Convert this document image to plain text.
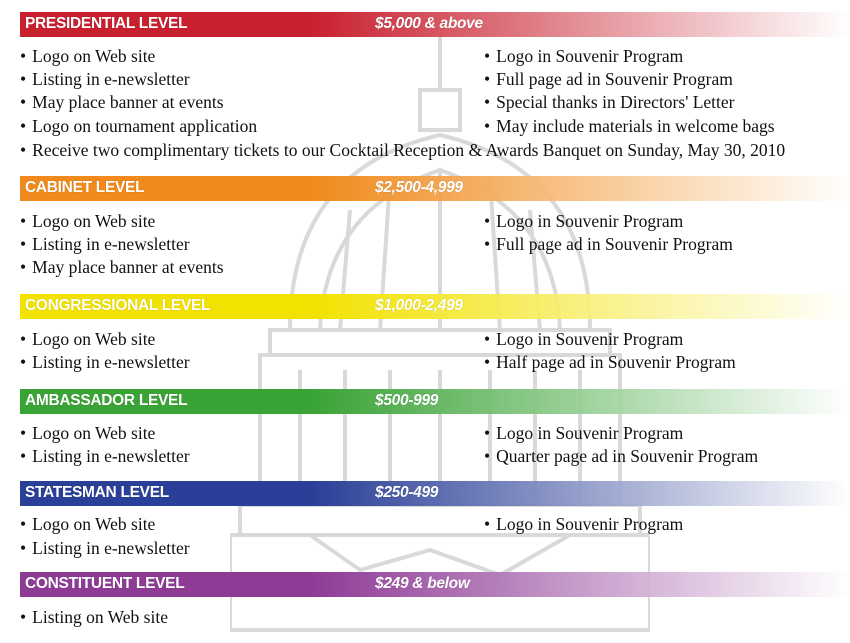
PRESIDENTIAL LEVEL	$5,000 & above
• Logo on Web site
• Listing in e-newsletter
• May place banner at events
• Logo on tournament application
• Logo in Souvenir Program
• Full page ad in Souvenir Program
• Special thanks in Directors' Letter
• May include materials in welcome bags
• Receive two complimentary tickets to our Cocktail Reception & Awards Banquet on Sunday, May 30, 2010
CABINET LEVEL	$2,500-4,999
• Logo on Web site
• Listing in e-newsletter
• May place banner at events
• Logo in Souvenir Program
• Full page ad in Souvenir Program
CONGRESSIONAL LEVEL	$1,000-2,499
• Logo on Web site
• Listing in e-newsletter
• Logo in Souvenir Program
• Half page ad in Souvenir Program
AMBASSADOR LEVEL	$500-999
• Logo on Web site
• Listing in e-newsletter
• Logo in Souvenir Program
• Quarter page ad in Souvenir Program
STATESMAN LEVEL	$250-499
• Logo on Web site
• Listing in e-newsletter
• Logo in Souvenir Program
CONSTITUENT LEVEL	$249 & below
• Listing on Web site
